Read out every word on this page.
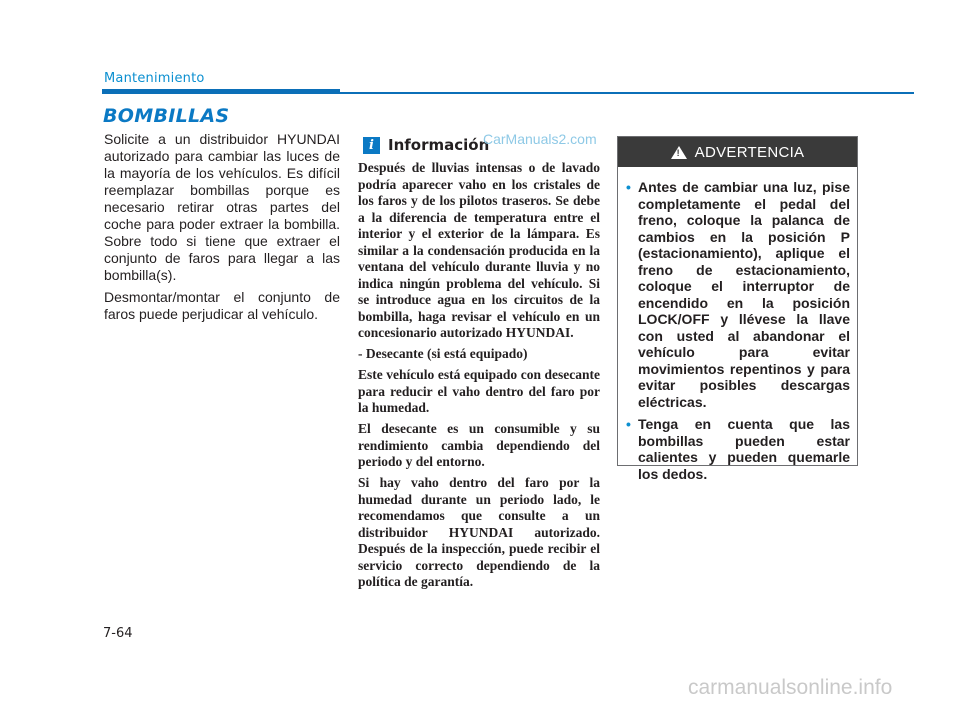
Mantenimiento
BOMBILLAS

Solicite a un distribuidor HYUNDAI autorizado para cambiar las luces de la mayoría de los vehículos. Es difícil reemplazar bombillas porque es necesario retirar otras partes del coche para poder extraer la bombilla. Sobre todo si tiene que extraer el conjunto de faros para llegar a las bombilla(s).

Desmontar/montar el conjunto de faros puede perjudicar al vehículo.

i Información
CarManuals2.com

Después de lluvias intensas o de lavado podría aparecer vaho en los cristales de los faros y de los pilotos traseros. Se debe a la diferencia de temperatura entre el interior y el exterior de la lámpara. Es similar a la condensación producida en la ventana del vehículo durante lluvia y no indica ningún problema del vehículo. Si se introduce agua en los circuitos de la bombilla, haga revisar el vehículo en un concesionario autorizado HYUNDAI.

- Desecante (si está equipado)

Este vehículo está equipado con desecante para reducir el vaho dentro del faro por la humedad.

El desecante es un consumible y su rendimiento cambia dependiendo del periodo y del entorno.

Si hay vaho dentro del faro por la humedad durante un periodo lado, le recomendamos que consulte a un distribuidor HYUNDAI autorizado. Después de la inspección, puede recibir el servicio correcto dependiendo de la política de garantía.

! ADVERTENCIA
• Antes de cambiar una luz, pise completamente el pedal del freno, coloque la palanca de cambios en la posición P (estacionamiento), aplique el freno de estacionamiento, coloque el interruptor de encendido en la posición LOCK/OFF y llévese la llave con usted al abandonar el vehículo para evitar movimientos repentinos y para evitar posibles descargas eléctricas.
• Tenga en cuenta que las bombillas pueden estar calientes y pueden quemarle los dedos.
7-64
carmanualsonline.info
